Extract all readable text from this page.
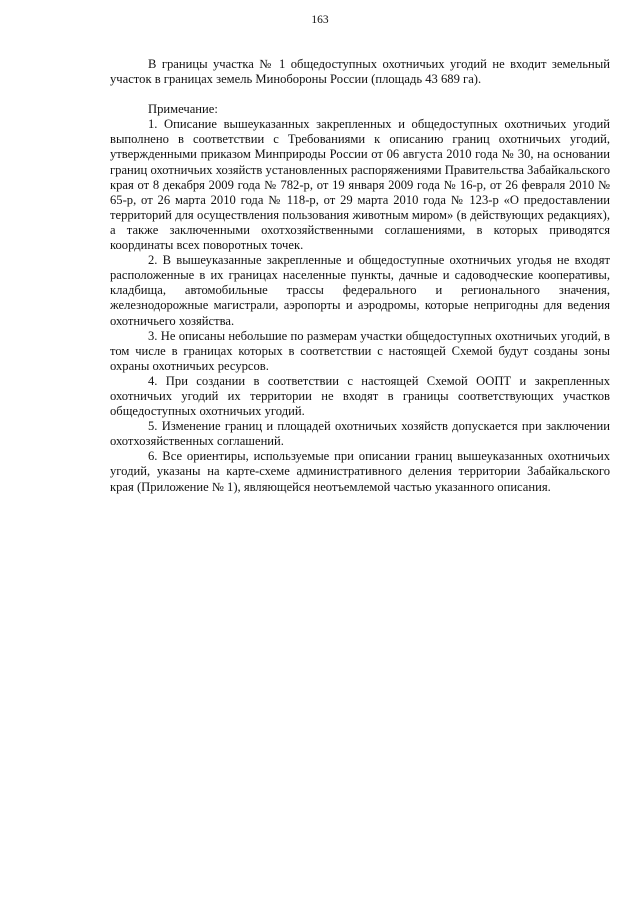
163

В границы участка № 1 общедоступных охотничьих угодий не входит земельный участок в границах земель Минобороны России (площадь 43 689 га).

Примечание:

1. Описание вышеуказанных закрепленных и общедоступных охотничьих угодий выполнено в соответствии с Требованиями к описанию границ охотничьих угодий, утвержденными приказом Минприроды России от 06 августа 2010 года № 30, на основании границ охотничьих хозяйств установленных распоряжениями Правительства Забайкальского края от 8 декабря 2009 года № 782-р, от 19 января 2009 года № 16-р, от 26 февраля 2010 № 65-р, от 26 марта 2010 года № 118-р, от 29 марта 2010 года № 123-р «О предоставлении территорий для осуществления пользования животным миром» (в действующих редакциях), а также заключенными охотхозяйственными соглашениями, в которых приводятся координаты всех поворотных точек.

2. В вышеуказанные закрепленные и общедоступные охотничьих угодья не входят расположенные в их границах населенные пункты, дачные и садоводческие кооперативы, кладбища, автомобильные трассы федерального и регионального значения, железнодорожные магистрали, аэропорты и аэродромы, которые непригодны для ведения охотничьего хозяйства.

3. Не описаны небольшие по размерам участки общедоступных охотничьих угодий, в том числе в границах которых в соответствии с настоящей Схемой будут созданы зоны охраны охотничьих ресурсов.

4. При создании в соответствии с настоящей Схемой ООПТ и закрепленных охотничьих угодий их территории не входят в границы соответствующих участков общедоступных охотничьих угодий.

5. Изменение границ и площадей охотничьих хозяйств допускается при заключении охотхозяйственных соглашений.

6. Все ориентиры, используемые при описании границ вышеуказанных охотничьих угодий, указаны на карте-схеме административного деления территории Забайкальского края (Приложение № 1), являющейся неотъемлемой частью указанного описания.
